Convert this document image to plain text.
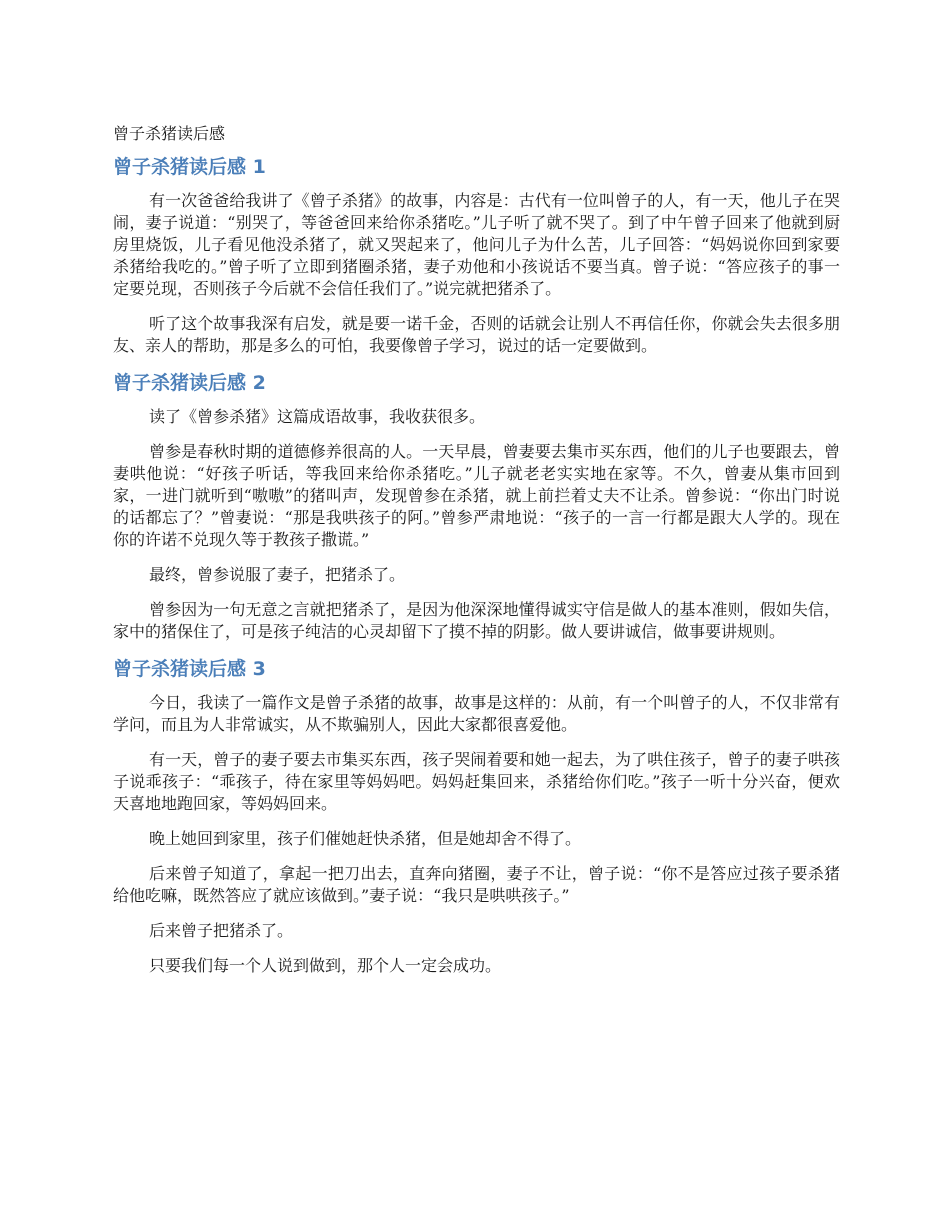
曾子杀猪读后感
曾子杀猪读后感 1

有一次爸爸给我讲了《曾子杀猪》的故事，内容是：古代有一位叫曾子的人，有一天，他儿子在哭闹，妻子说道：“别哭了，等爸爸回来给你杀猪吃。”儿子听了就不哭了。到了中午曾子回来了他就到厨房里烧饭，儿子看见他没杀猪了，就又哭起来了，他问儿子为什么苦，儿子回答：“妈妈说你回到家要杀猪给我吃的。”曾子听了立即到猪圈杀猪，妻子劝他和小孩说话不要当真。曾子说：“答应孩子的事一定要兑现，否则孩子今后就不会信任我们了。”说完就把猪杀了。

听了这个故事我深有启发，就是要一诺千金，否则的话就会让别人不再信任你，你就会失去很多朋友、亲人的帮助，那是多么的可怕，我要像曾子学习，说过的话一定要做到。

曾子杀猪读后感 2

读了《曾参杀猪》这篇成语故事，我收获很多。

曾参是春秋时期的道德修养很高的人。一天早晨，曾妻要去集市买东西，他们的儿子也要跟去，曾妻哄他说：“好孩子听话，等我回来给你杀猪吃。”儿子就老老实实地在家等。不久，曾妻从集市回到家，一进门就听到“嗷嗷”的猪叫声，发现曾参在杀猪，就上前拦着丈夫不让杀。曾参说：“你出门时说的话都忘了？”曾妻说：“那是我哄孩子的阿。”曾参严肃地说：“孩子的一言一行都是跟大人学的。现在你的许诺不兑现久等于教孩子撒谎。”

最终，曾参说服了妻子，把猪杀了。

曾参因为一句无意之言就把猪杀了，是因为他深深地懂得诚实守信是做人的基本准则，假如失信，家中的猪保住了，可是孩子纯洁的心灵却留下了摸不掉的阴影。做人要讲诚信，做事要讲规则。

曾子杀猪读后感 3

今日，我读了一篇作文是曾子杀猪的故事，故事是这样的：从前，有一个叫曾子的人，不仅非常有学问，而且为人非常诚实，从不欺骗别人，因此大家都很喜爱他。

有一天，曾子的妻子要去市集买东西，孩子哭闹着要和她一起去，为了哄住孩子，曾子的妻子哄孩子说乖孩子：“乖孩子，待在家里等妈妈吧。妈妈赶集回来，杀猪给你们吃。”孩子一听十分兴奋，便欢天喜地地跑回家，等妈妈回来。

晚上她回到家里，孩子们催她赶快杀猪，但是她却舍不得了。

后来曾子知道了，拿起一把刀出去，直奔向猪圈，妻子不让，曾子说：“你不是答应过孩子要杀猪给他吃嘛，既然答应了就应该做到。”妻子说：“我只是哄哄孩子。”

后来曾子把猪杀了。

只要我们每一个人说到做到，那个人一定会成功。
